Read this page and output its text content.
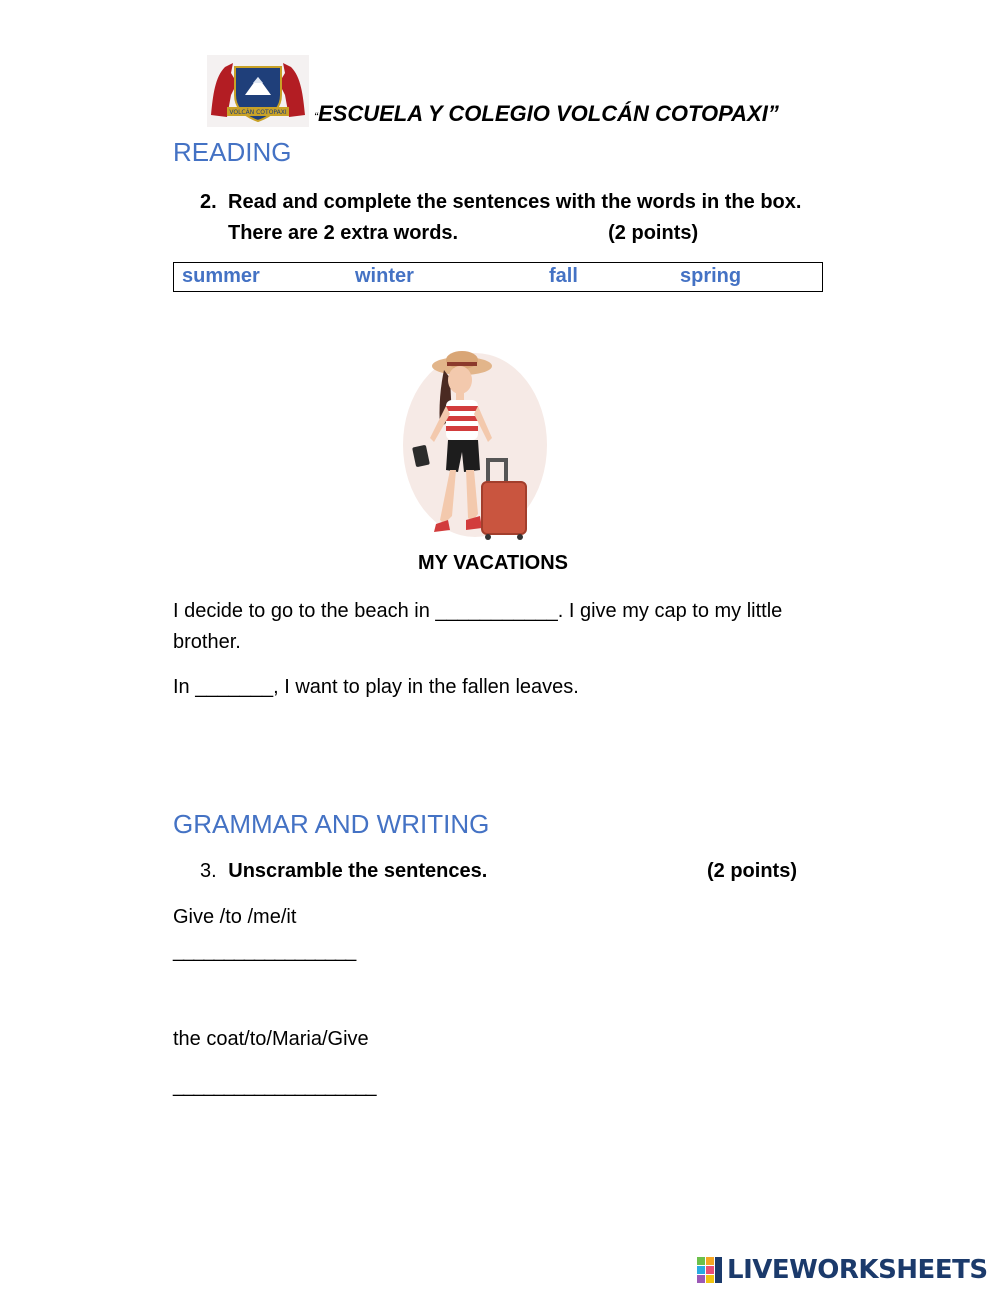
VOLCÁN COTOPAXI “ESCUELA Y COLEGIO VOLCÁN COTOPAXI”
READING
2. Read and complete the sentences with the words in the box. There are 2 extra words.	(2 points)
summer	winter	fall	spring
MY VACATIONS
I decide to go to the beach in ___________. I give my cap to my little brother.
In _______, I want to play in the fallen leaves.
GRAMMAR AND WRITING
3. Unscramble the sentences.	(2 points)
Give /to /me/it
__________________
the coat/to/Maria/Give
____________________
LIVEWORKSHEETS
